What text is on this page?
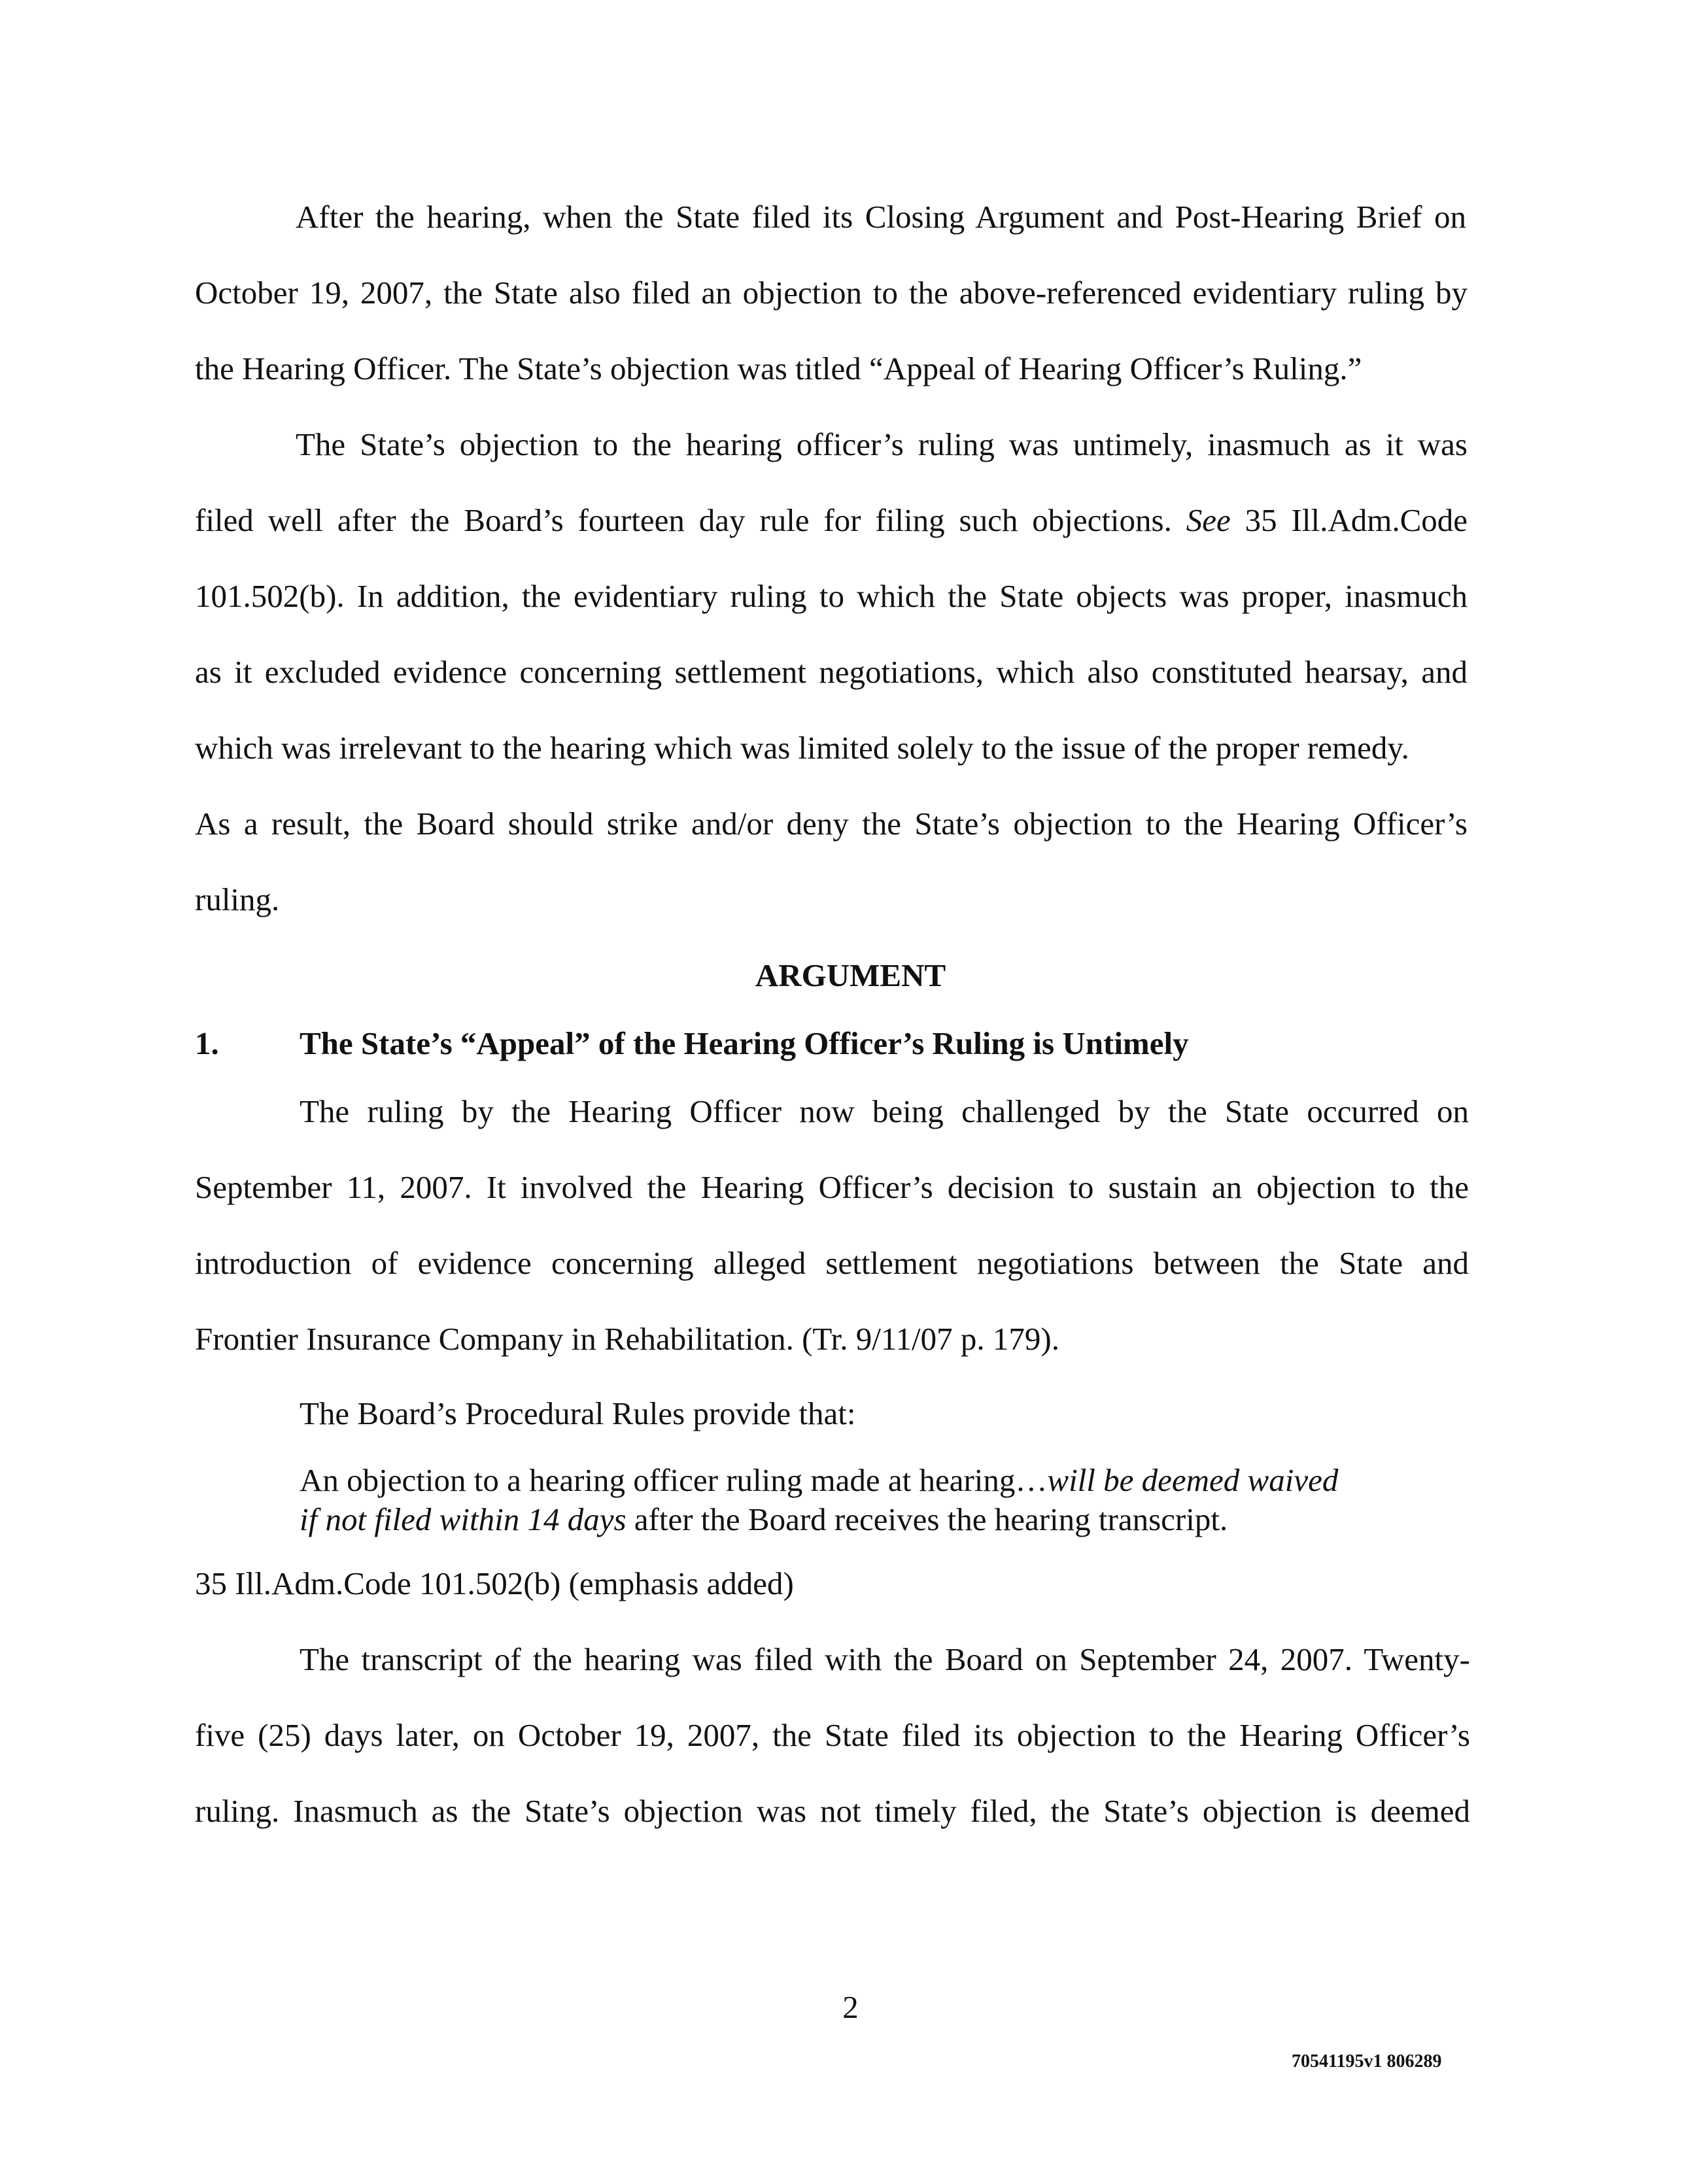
After the hearing, when the State filed its Closing Argument and Post-Hearing Brief on
October 19, 2007, the State also filed an objection to the above-referenced evidentiary ruling by
the Hearing Officer. The State’s objection was titled “Appeal of Hearing Officer’s Ruling.”
The State’s objection to the hearing officer’s ruling was untimely, inasmuch as it was
filed well after the Board’s fourteen day rule for filing such objections. See 35 Ill.Adm.Code
101.502(b). In addition, the evidentiary ruling to which the State objects was proper, inasmuch
as it excluded evidence concerning settlement negotiations, which also constituted hearsay, and
which was irrelevant to the hearing which was limited solely to the issue of the proper remedy.
As a result, the Board should strike and/or deny the State’s objection to the Hearing Officer’s
ruling.
ARGUMENT
1.	The State’s “Appeal” of the Hearing Officer’s Ruling is Untimely
The ruling by the Hearing Officer now being challenged by the State occurred on
September 11, 2007. It involved the Hearing Officer’s decision to sustain an objection to the
introduction of evidence concerning alleged settlement negotiations between the State and
Frontier Insurance Company in Rehabilitation. (Tr. 9/11/07 p. 179).
The Board’s Procedural Rules provide that:
An objection to a hearing officer ruling made at hearing…will be deemed waived
if not filed within 14 days after the Board receives the hearing transcript.
35 Ill.Adm.Code 101.502(b) (emphasis added)
The transcript of the hearing was filed with the Board on September 24, 2007. Twenty-
five (25) days later, on October 19, 2007, the State filed its objection to the Hearing Officer’s
ruling. Inasmuch as the State’s objection was not timely filed, the State’s objection is deemed
2
70541195v1 806289
